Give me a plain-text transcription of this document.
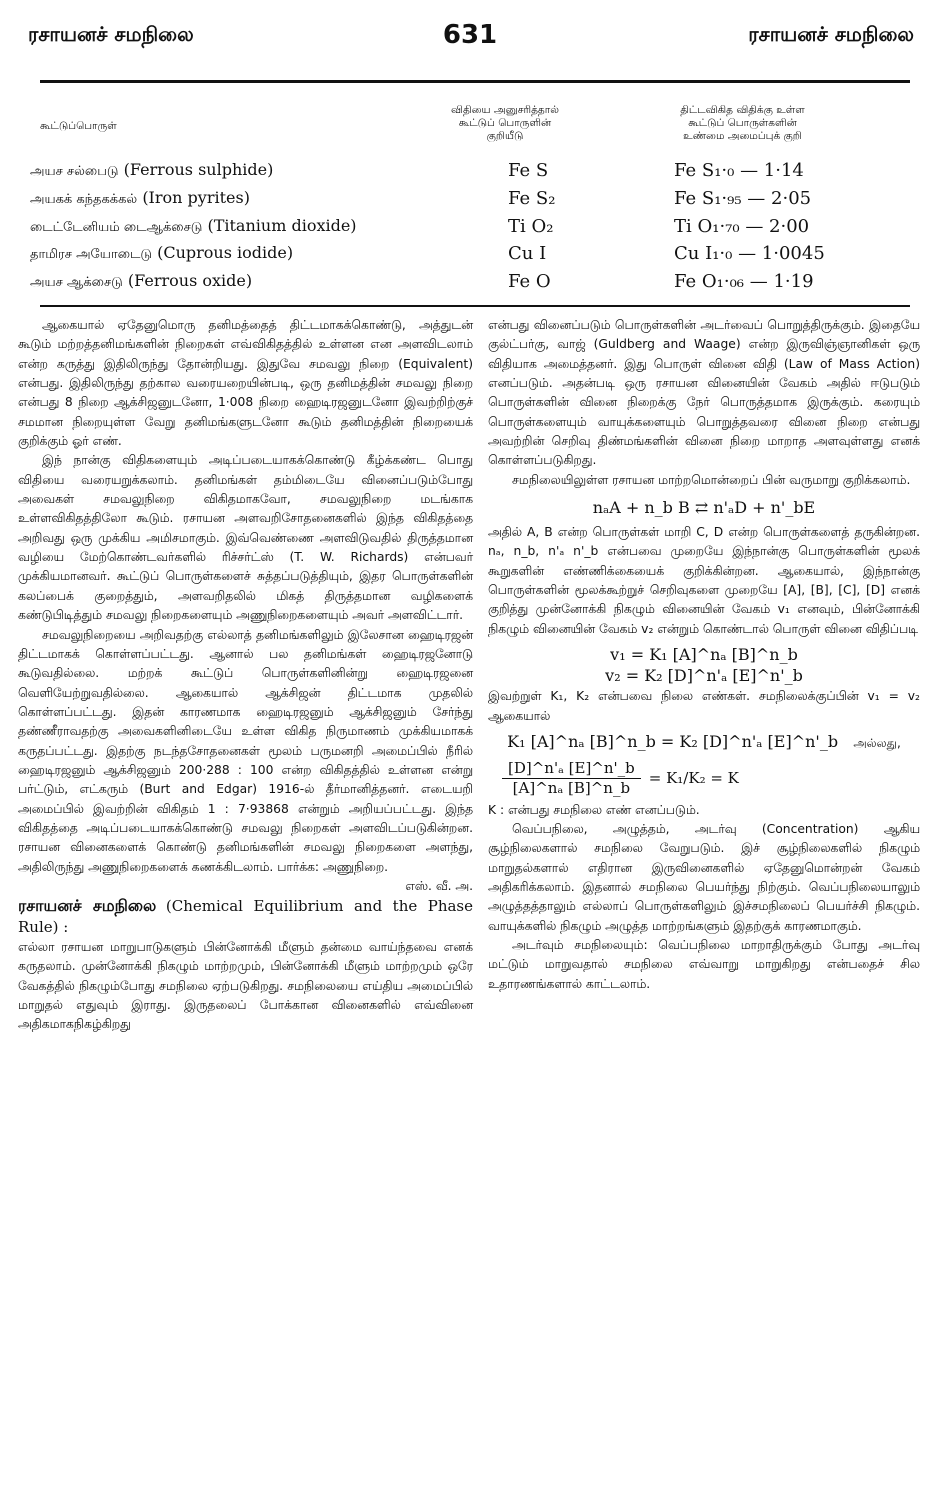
ரசாயனச் சமநிலை	631	ரசாயனச் சமநிலை
கூட்டுப்பொருள்
விதியை அனுசரித்தால்
கூட்டுப் பொருளின்
குறியீடு
திட்டவிகித விதிக்கு உள்ள
கூட்டுப் பொருள்களின்
உண்மை அமைப்புக் குறி
அயச சல்பைடு (Ferrous sulphide)	Fe S	Fe S₁·₀ — 1·14
அயகக் கந்தகக்கல் (Iron pyrites)	Fe S₂	Fe S₁·₉₅ — 2·05
டைட்டேனியம் டைஆக்சைடு (Titanium dioxide)	Ti O₂	Ti O₁·₇₀ — 2·00
தாமிரச அயோடைடு (Cuprous iodide)	Cu I	Cu I₁·₀ — 1·0045
அயச ஆக்சைடு (Ferrous oxide)	Fe O	Fe O₁·₀₆ — 1·19

ஆகையால் ஏதேனுமொரு தனிமத்தைத் திட்டமாகக்கொண்டு, அத்துடன் கூடும் மற்றத்தனிமங்களின் நிறைகள் எவ்விகிதத்தில் உள்ளன என அளவிடலாம் என்ற கருத்து இதிலிருந்து தோன்றியது. இதுவே சமவலு நிறை (Equivalent) என்பது. இதிலிருந்து தற்கால வரையறையின்படி, ஒரு தனிமத்தின் சமவலு நிறை என்பது 8 நிறை ஆக்சிஜனுடனோ, 1·008 நிறை ஹைடிரஜனுடனோ இவற்றிற்குச் சமமான நிறையுள்ள வேறு தனிமங்களுடனோ கூடும் தனிமத்தின் நிறையைக் குறிக்கும் ஓர் எண்.

இந் நான்கு விதிகளையும் அடிப்படையாகக்கொண்டு கீழ்க்கண்ட பொது விதியை வரையறுக்கலாம். தனிமங்கள் தம்மிடையே வினைப்படும்போது அவைகள் சமவலுநிறை விகிதமாகவோ, சமவலுநிறை மடங்காக உள்ளவிகிதத்திலோ கூடும். ரசாயன அளவறிசோதனைகளில் இந்த விகிதத்தை அறிவது ஒரு முக்கிய அமிசமாகும். இவ்வெண்ணை அளவிடுவதில் திருத்தமான வழியை மேற்கொண்டவர்களில் ரிச்சர்ட்ஸ் (T. W. Richards) என்பவர் முக்கியமானவர். கூட்டுப் பொருள்களைச் சுத்தப்படுத்தியும், இதர பொருள்களின் கலப்பைக் குறைத்தும், அளவறிதலில் மிகத் திருத்தமான வழிகளைக் கண்டுபிடித்தும் சமவலு நிறைகளையும் அணுநிறைகளையும் அவர் அளவிட்டார்.

சமவலுநிறையை அறிவதற்கு எல்லாத் தனிமங்களிலும் இலேசான ஹைடிரஜன் திட்டமாகக் கொள்ளப்பட்டது. ஆனால் பல தனிமங்கள் ஹைடிரஜனோடு கூடுவதில்லை. மற்றக் கூட்டுப் பொருள்களினின்று ஹைடிரஜனை வெளியேற்றுவதில்லை. ஆகையால் ஆக்சிஜன் திட்டமாக முதலில் கொள்ளப்பட்டது. இதன் காரணமாக ஹைடிரஜனும் ஆக்சிஜனும் சேர்ந்து தண்ணீராவதற்கு அவைகளினிடையே உள்ள விகித நிருமாணம் முக்கியமாகக் கருதப்பட்டது. இதற்கு நடந்தசோதனைகள் மூலம் பருமனறி அமைப்பில் நீரில் ஹைடிரஜனும் ஆக்சிஜனும் 200·288 : 100 என்ற விகிதத்தில் உள்ளன என்று பர்ட்டும், எட்கரும் (Burt and Edgar) 1916-ல் தீர்மானித்தனர். எடையறி அமைப்பில் இவற்றின் விகிதம் 1 : 7·93868 என்றும் அறியப்பட்டது. இந்த விகிதத்தை அடிப்படையாகக்கொண்டு சமவலு நிறைகள் அளவிடப்படுகின்றன. ரசாயன வினைகளைக் கொண்டு தனிமங்களின் சமவலு நிறைகளை அளந்து, அதிலிருந்து அணுநிறைகளைக் கணக்கிடலாம். பார்க்க: அணுநிறை.

எஸ். வீ. அ.

ரசாயனச் சமநிலை (Chemical Equilibrium and the Phase Rule) :

எல்லா ரசாயன மாறுபாடுகளும் பின்னோக்கி மீளும் தன்மை வாய்ந்தவை எனக் கருதலாம். முன்னோக்கி நிகழும் மாற்றமும், பின்னோக்கி மீளும் மாற்றமும் ஒரே வேகத்தில் நிகழும்போது சமநிலை ஏற்படுகிறது. சமநிலையை எய்திய அமைப்பில் மாறுதல் எதுவும் இராது. இருதலைப் போக்கான வினைகளில் எவ்வினை அதிகமாகநிகழ்கிறது

என்பது வினைப்படும் பொருள்களின் அடர்வைப் பொறுத்திருக்கும். இதையே குல்ட்பர்கு, வாஜ் (Guldberg and Waage) என்ற இருவிஞ்ஞானிகள் ஒரு விதியாக அமைத்தனர். இது பொருள் வினை விதி (Law of Mass Action) எனப்படும். அதன்படி ஒரு ரசாயன வினையின் வேகம் அதில் ஈடுபடும் பொருள்களின் வினை நிறைக்கு நேர் பொருத்தமாக இருக்கும். கரையும் பொருள்களையும் வாயுக்களையும் பொறுத்தவரை வினை நிறை என்பது அவற்றின் செறிவு திண்மங்களின் வினை நிறை மாறாத அளவுள்ளது எனக் கொள்ளப்படுகிறது.

சமநிலையிலுள்ள ரசாயன மாற்றமொன்றைப் பின் வருமாறு குறிக்கலாம்.

nₐA + n_b B ⇄ n'ₐD + n'_bE

அதில் A, B என்ற பொருள்கள் மாறி C, D என்ற பொருள்களைத் தருகின்றன. nₐ, n_b, n'ₐ n'_b என்பவை முறையே இந்நான்கு பொருள்களின் மூலக் கூறுகளின் எண்ணிக்கையைக் குறிக்கின்றன. ஆகையால், இந்நான்கு பொருள்களின் மூலக்கூற்றுச் செறிவுகளை முறையே [A], [B], [C], [D] எனக் குறித்து முன்னோக்கி நிகழும் வினையின் வேகம் v₁ எனவும், பின்னோக்கி நிகழும் வினையின் வேகம் v₂ என்றும் கொண்டால் பொருள் வினை விதிப்படி

v₁ = K₁ [A]^nₐ [B]^n_b
v₂ = K₂ [D]^n'ₐ [E]^n'_b

இவற்றுள் K₁, K₂ என்பவை நிலை எண்கள். சமநிலைக்குப்பின் v₁ = v₂ ஆகையால்

K₁ [A]^nₐ [B]^n_b = K₂ [D]^n'ₐ [E]^n'_b அல்லது,
$\frac{\text{[D]\textasciicircum{}n'ₐ [E]\textasciicircum{}n'\_b}}{\text{[A]\textasciicircum{}nₐ [B]\textasciicircum{}n\_b}} = K_1/K_2 = K$

K : என்பது சமநிலை எண் எனப்படும்.

வெப்பநிலை, அழுத்தம், அடர்வு (Concentration) ஆகிய சூழ்நிலைகளால் சமநிலை வேறுபடும். இச் சூழ்நிலைகளில் நிகழும் மாறுதல்களால் எதிரான இருவினைகளில் ஏதேனுமொன்றன் வேகம் அதிகரிக்கலாம். இதனால் சமநிலை பெயர்ந்து நிற்கும். வெப்பநிலையாலும் அழுத்தத்தாலும் எல்லாப் பொருள்களிலும் இச்சமநிலைப் பெயர்ச்சி நிகழும். வாயுக்களில் நிகழும் அழுத்த மாற்றங்களும் இதற்குக் காரணமாகும்.

அடர்வும் சமநிலையும்: வெப்பநிலை மாறாதிருக்கும் போது அடர்வு மட்டும் மாறுவதால் சமநிலை எவ்வாறு மாறுகிறது என்பதைச் சில உதாரணங்களால் காட்டலாம்.
